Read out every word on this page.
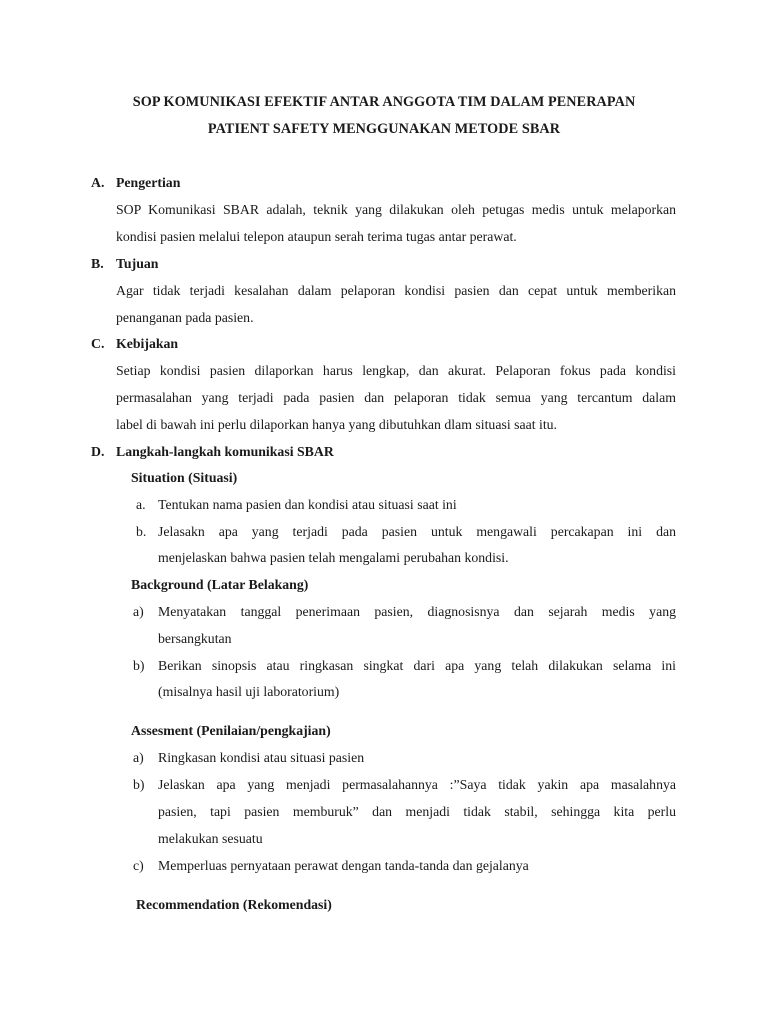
SOP KOMUNIKASI EFEKTIF ANTAR ANGGOTA TIM DALAM PENERAPAN
PATIENT SAFETY MENGGUNAKAN METODE SBAR
A. Pengertian
SOP Komunikasi SBAR adalah, teknik yang dilakukan oleh petugas medis untuk melaporkan
kondisi pasien melalui telepon ataupun serah terima tugas antar perawat.
B. Tujuan
Agar tidak terjadi kesalahan dalam pelaporan kondisi pasien dan cepat untuk memberikan
penanganan pada pasien.
C. Kebijakan
Setiap kondisi pasien dilaporkan harus lengkap, dan akurat. Pelaporan fokus pada kondisi
permasalahan yang terjadi pada pasien dan pelaporan tidak semua yang tercantum dalam
label di bawah ini perlu dilaporkan hanya yang dibutuhkan dlam situasi saat itu.
D. Langkah-langkah komunikasi SBAR
Situation (Situasi)
a. Tentukan nama pasien dan kondisi atau situasi saat ini
b. Jelasakn apa yang terjadi pada pasien untuk mengawali percakapan ini dan
menjelaskan bahwa pasien telah mengalami perubahan kondisi.
Background (Latar Belakang)
a) Menyatakan tanggal penerimaan pasien, diagnosisnya dan sejarah medis yang
bersangkutan
b) Berikan sinopsis atau ringkasan singkat dari apa yang telah dilakukan selama ini
(misalnya hasil uji laboratorium)
Assesment (Penilaian/pengkajian)
a) Ringkasan kondisi atau situasi pasien
b) Jelaskan apa yang menjadi permasalahannya :”Saya tidak yakin apa masalahnya
pasien, tapi pasien memburuk” dan menjadi tidak stabil, sehingga kita perlu
melakukan sesuatu
c) Memperluas pernyataan perawat dengan tanda-tanda dan gejalanya
Recommendation (Rekomendasi)
